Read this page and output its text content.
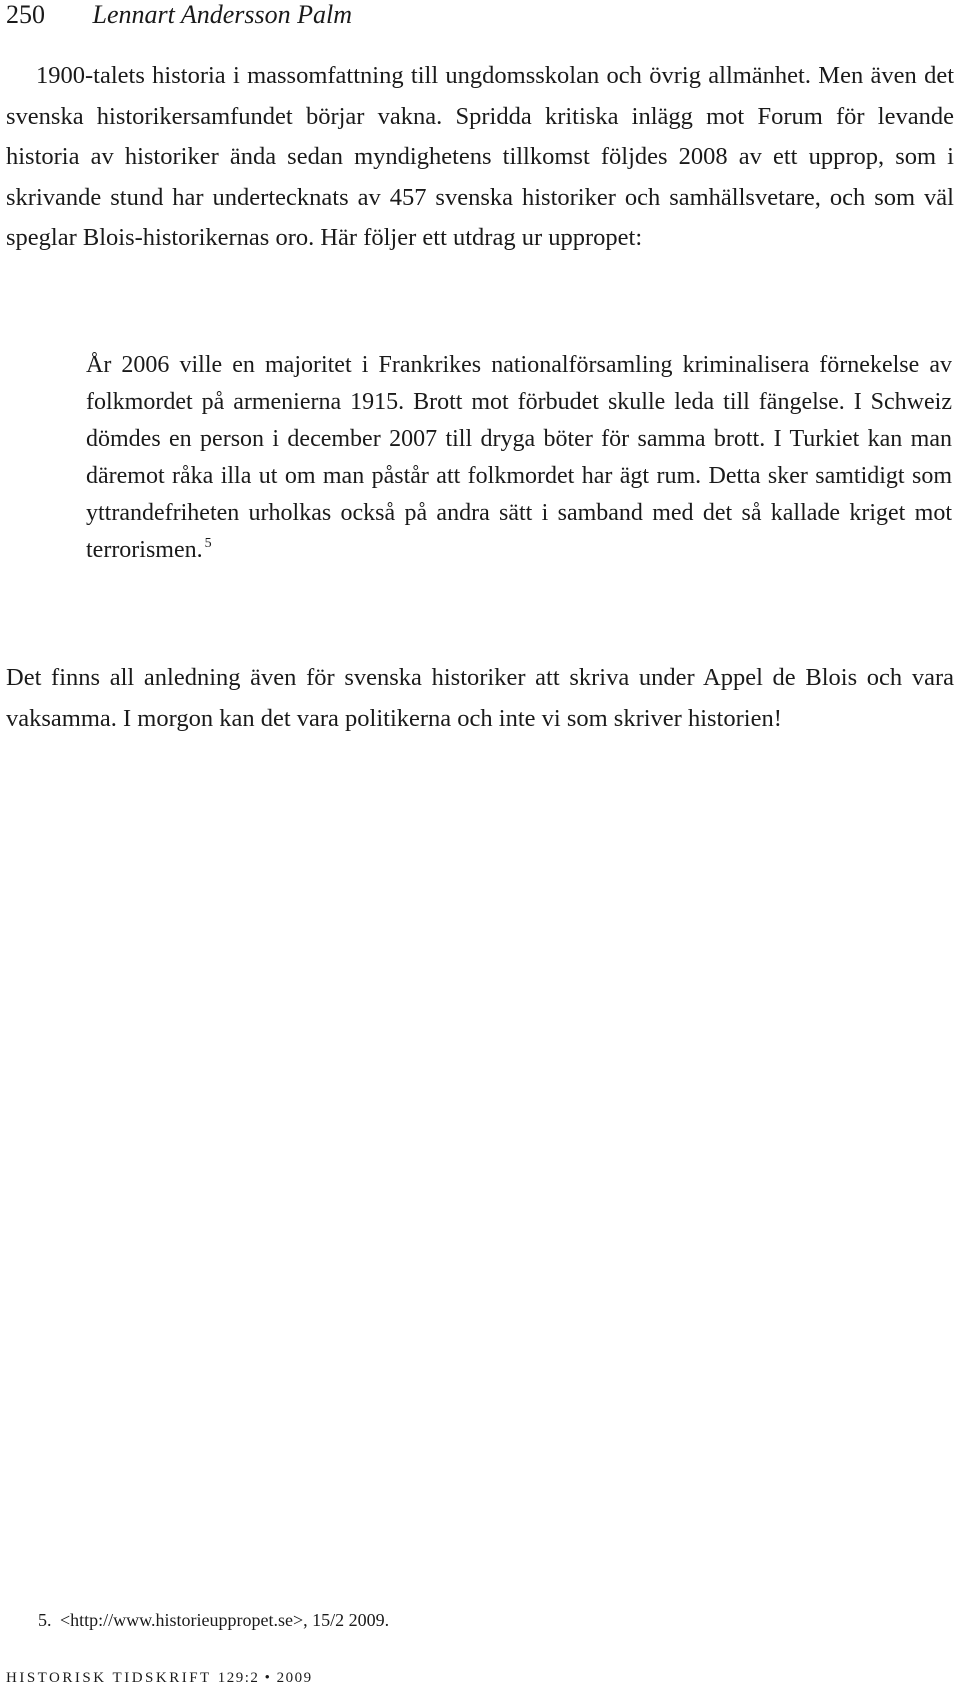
250 Lennart Andersson Palm

1900-talets historia i massomfattning till ungdomsskolan och övrig allmänhet. Men även det svenska historikersamfundet börjar vakna. Spridda kritiska inlägg mot Forum för levande historia av historiker ända sedan myndighetens tillkomst följdes 2008 av ett upprop, som i skrivande stund har undertecknats av 457 svenska historiker och samhällsvetare, och som väl speglar Blois-historikernas oro. Här följer ett utdrag ur uppropet:

År 2006 ville en majoritet i Frankrikes nationalförsamling kriminalisera förnekelse av folkmordet på armenierna 1915. Brott mot förbudet skulle leda till fängelse. I Schweiz dömdes en person i december 2007 till dryga böter för samma brott. I Turkiet kan man däremot råka illa ut om man påstår att folkmordet har ägt rum. Detta sker samtidigt som yttrandefriheten urholkas också på andra sätt i samband med det så kallade kriget mot terrorismen. $^5$

Det finns all anledning även för svenska historiker att skriva under Appel de Blois och vara vaksamma. I morgon kan det vara politikerna och inte vi som skriver historien!

5. <http://www.historieuppropet.se>, 15/2 2009.

HISTORISK TIDSKRIFT 129:2 • 2009
